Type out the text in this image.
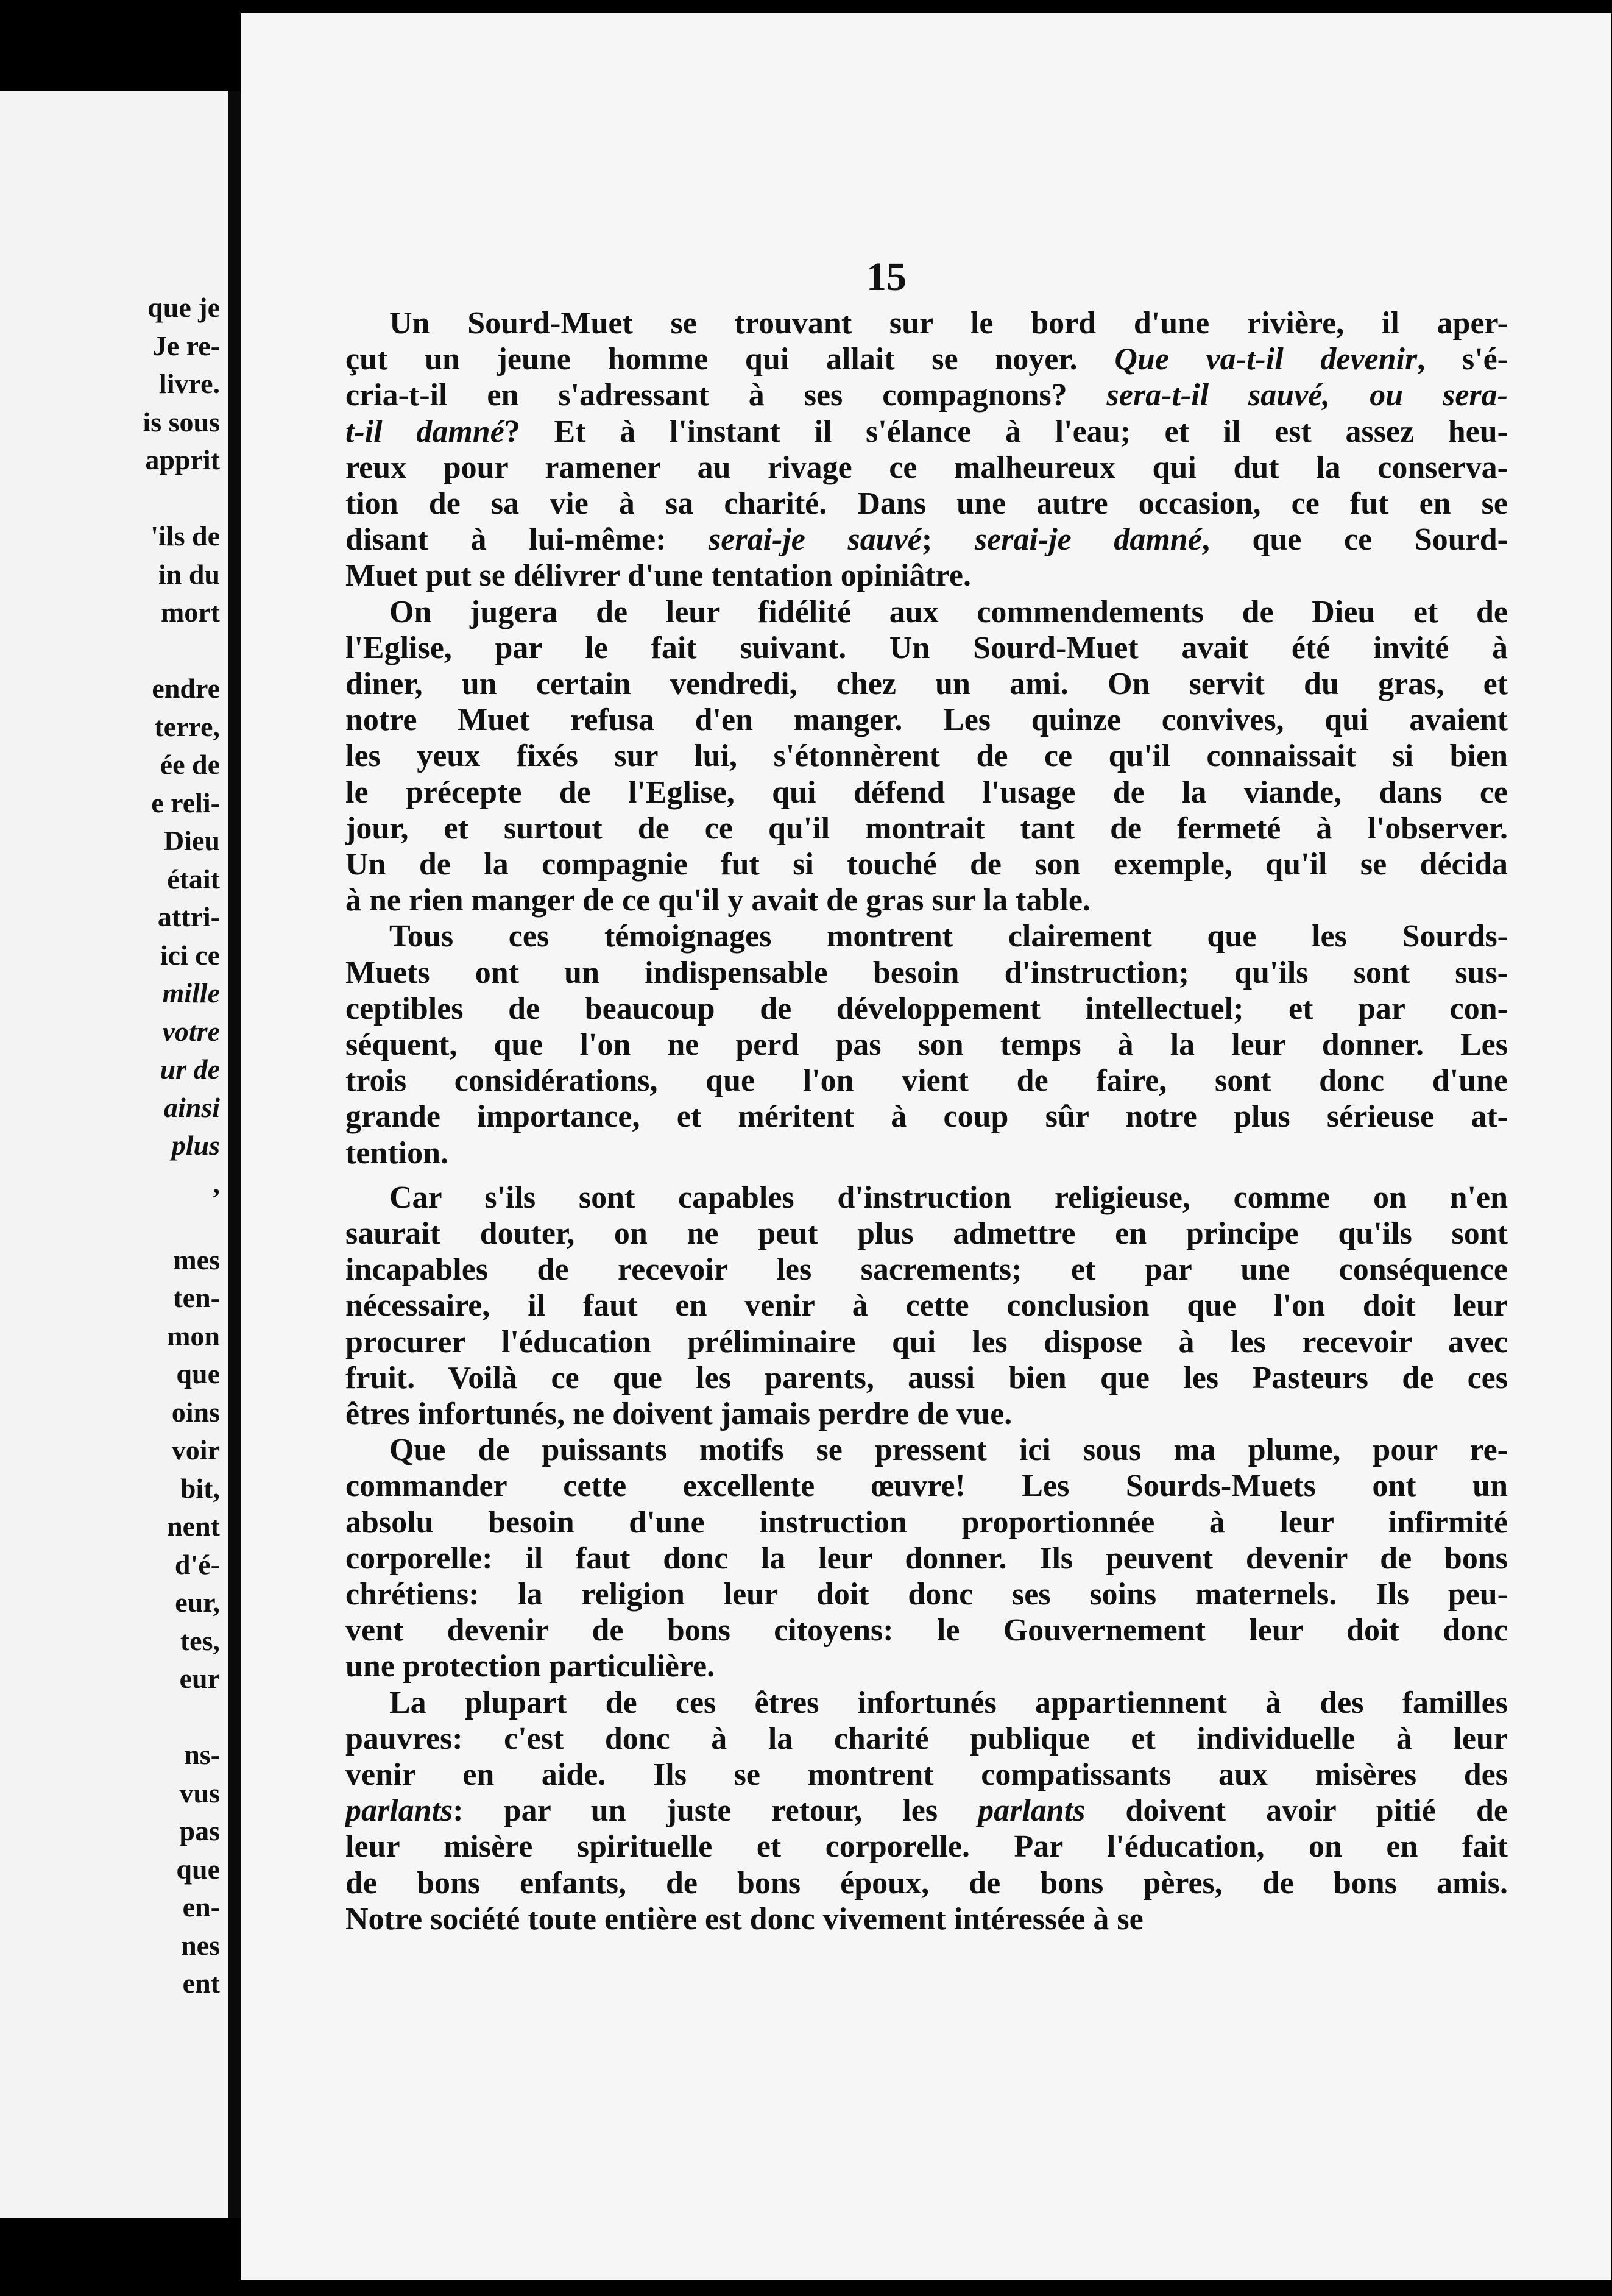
que je
Je re-
livre.
is sous
apprit
'ils de
in du
mort
endre
terre,
ée de
e reli-
Dieu
était
attri-
ici ce
mille
votre
ur de
ainsi
plus
,
mes
ten-
mon
que
oins
voir
bit,
nent
d'é-
eur,
tes,
eur
ns-
vus
pas
que
en-
nes
ent
15
Un Sourd-Muet se trouvant sur le bord d'une rivière, il aper-
çut un jeune homme qui allait se noyer. Que va-t-il devenir, s'é-
cria-t-il en s'adressant à ses compagnons? sera-t-il sauvé, ou sera-
t-il damné? Et à l'instant il s'élance à l'eau; et il est assez heu-
reux pour ramener au rivage ce malheureux qui dut la conserva-
tion de sa vie à sa charité. Dans une autre occasion, ce fut en se
disant à lui-même: serai-je sauvé; serai-je damné, que ce Sourd-
Muet put se délivrer d'une tentation opiniâtre.
On jugera de leur fidélité aux commendements de Dieu et de
l'Eglise, par le fait suivant. Un Sourd-Muet avait été invité à
diner, un certain vendredi, chez un ami. On servit du gras, et
notre Muet refusa d'en manger. Les quinze convives, qui avaient
les yeux fixés sur lui, s'étonnèrent de ce qu'il connaissait si bien
le précepte de l'Eglise, qui défend l'usage de la viande, dans ce
jour, et surtout de ce qu'il montrait tant de fermeté à l'observer.
Un de la compagnie fut si touché de son exemple, qu'il se décida
à ne rien manger de ce qu'il y avait de gras sur la table.
Tous ces témoignages montrent clairement que les Sourds-
Muets ont un indispensable besoin d'instruction; qu'ils sont sus-
ceptibles de beaucoup de développement intellectuel; et par con-
séquent, que l'on ne perd pas son temps à la leur donner. Les
trois considérations, que l'on vient de faire, sont donc d'une
grande importance, et méritent à coup sûr notre plus sérieuse at-
tention.
Car s'ils sont capables d'instruction religieuse, comme on n'en
saurait douter, on ne peut plus admettre en principe qu'ils sont
incapables de recevoir les sacrements; et par une conséquence
nécessaire, il faut en venir à cette conclusion que l'on doit leur
procurer l'éducation préliminaire qui les dispose à les recevoir avec
fruit. Voilà ce que les parents, aussi bien que les Pasteurs de ces
êtres infortunés, ne doivent jamais perdre de vue.
Que de puissants motifs se pressent ici sous ma plume, pour re-
commander cette excellente œuvre! Les Sourds-Muets ont un
absolu besoin d'une instruction proportionnée à leur infirmité
corporelle: il faut donc la leur donner. Ils peuvent devenir de bons
chrétiens: la religion leur doit donc ses soins maternels. Ils peu-
vent devenir de bons citoyens: le Gouvernement leur doit donc
une protection particulière.
La plupart de ces êtres infortunés appartiennent à des familles
pauvres: c'est donc à la charité publique et individuelle à leur
venir en aide. Ils se montrent compatissants aux misères des
parlants: par un juste retour, les parlants doivent avoir pitié de
leur misère spirituelle et corporelle. Par l'éducation, on en fait
de bons enfants, de bons époux, de bons pères, de bons amis.
Notre société toute entière est donc vivement intéressée à se
